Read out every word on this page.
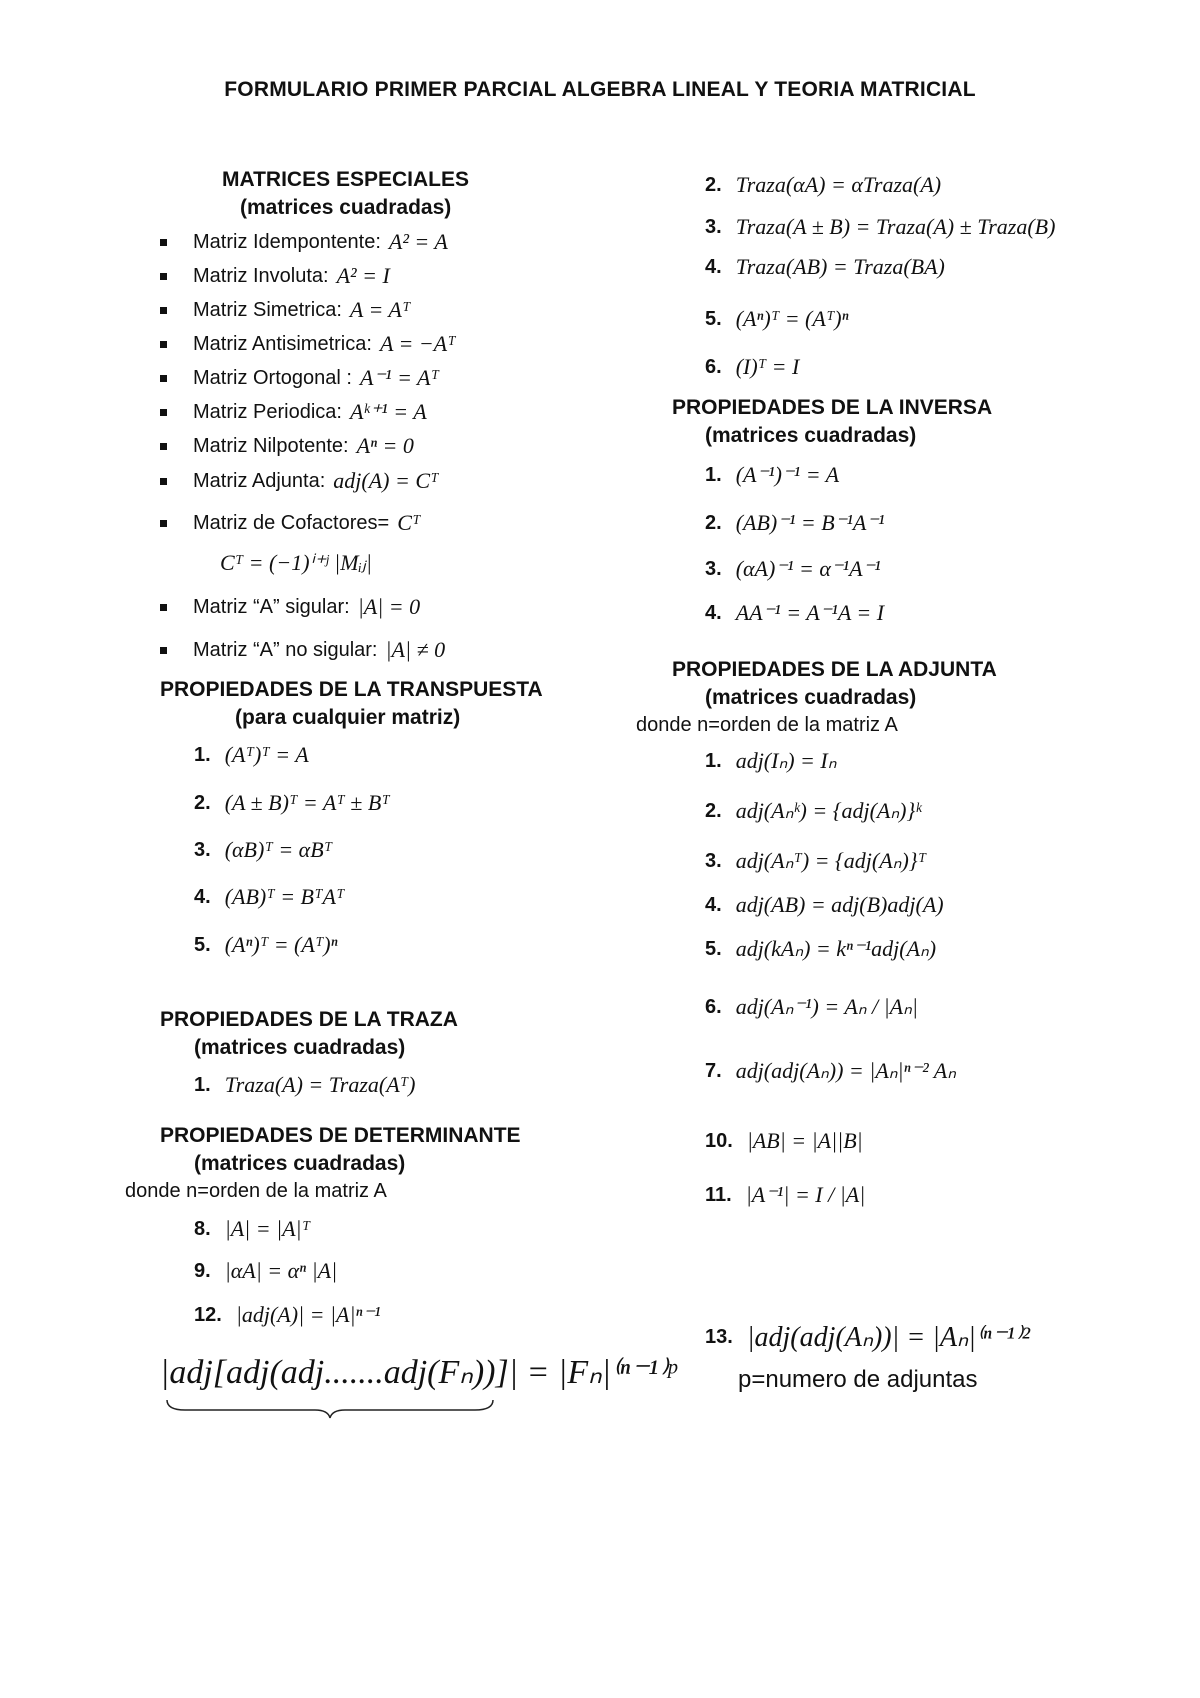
FORMULARIO PRIMER PARCIAL ALGEBRA LINEAL Y TEORIA MATRICIAL
MATRICES ESPECIALES
(matrices cuadradas)
Matriz Idempontente: A² = A
Matriz Involuta: A² = I
Matriz Simetrica: A = Aᵀ
Matriz Antisimetrica: A = −Aᵀ
Matriz Ortogonal : A⁻¹ = Aᵀ
Matriz Periodica: Aᵏ⁺¹ = A
Matriz Nilpotente: Aⁿ = 0
Matriz Adjunta: adj(A) = Cᵀ
Matriz de Cofactores= Cᵀ
Cᵀ = (−1)ⁱ⁺ʲ |Mᵢⱼ|
Matriz “A” sigular: |A| = 0
Matriz “A” no sigular: |A| ≠ 0
PROPIEDADES DE LA TRANSPUESTA
(para cualquier matriz)
1. (Aᵀ)ᵀ = A
2. (A ± B)ᵀ = Aᵀ ± Bᵀ
3. (αB)ᵀ = αBᵀ
4. (AB)ᵀ = BᵀAᵀ
5. (Aⁿ)ᵀ = (Aᵀ)ⁿ
PROPIEDADES DE LA TRAZA
(matrices cuadradas)
1. Traza(A) = Traza(Aᵀ)
PROPIEDADES DE DETERMINANTE
(matrices cuadradas)
donde n=orden de la matriz A
8. |A| = |A|ᵀ
9. |αA| = αⁿ |A|
12. |adj(A)| = |A|ⁿ⁻¹
|adj[adj(adj.......adj(Fₙ))]| = |Fₙ|⁽ⁿ⁻¹⁾ᵖ
2. Traza(αA) = αTraza(A)
3. Traza(A ± B) = Traza(A) ± Traza(B)
4. Traza(AB) = Traza(BA)
5. (Aⁿ)ᵀ = (Aᵀ)ⁿ
6. (I)ᵀ = I
PROPIEDADES DE LA INVERSA
(matrices cuadradas)
1. (A⁻¹)⁻¹ = A
2. (AB)⁻¹ = B⁻¹A⁻¹
3. (αA)⁻¹ = α⁻¹A⁻¹
4. AA⁻¹ = A⁻¹A = I
PROPIEDADES DE LA ADJUNTA
(matrices cuadradas)
donde n=orden de la matriz A
1. adj(Iₙ) = Iₙ
2. adj(Aₙᵏ) = {adj(Aₙ)}ᵏ
3. adj(Aₙᵀ) = {adj(Aₙ)}ᵀ
4. adj(AB) = adj(B)adj(A)
5. adj(kAₙ) = kⁿ⁻¹adj(Aₙ)
6. adj(Aₙ⁻¹) = Aₙ / |Aₙ|
7. adj(adj(Aₙ)) = |Aₙ|ⁿ⁻² Aₙ
10. |AB| = |A||B|
11. |A⁻¹| = I / |A|
13. |adj(adj(Aₙ))| = |Aₙ|⁽ⁿ⁻¹⁾²
p=numero de adjuntas
